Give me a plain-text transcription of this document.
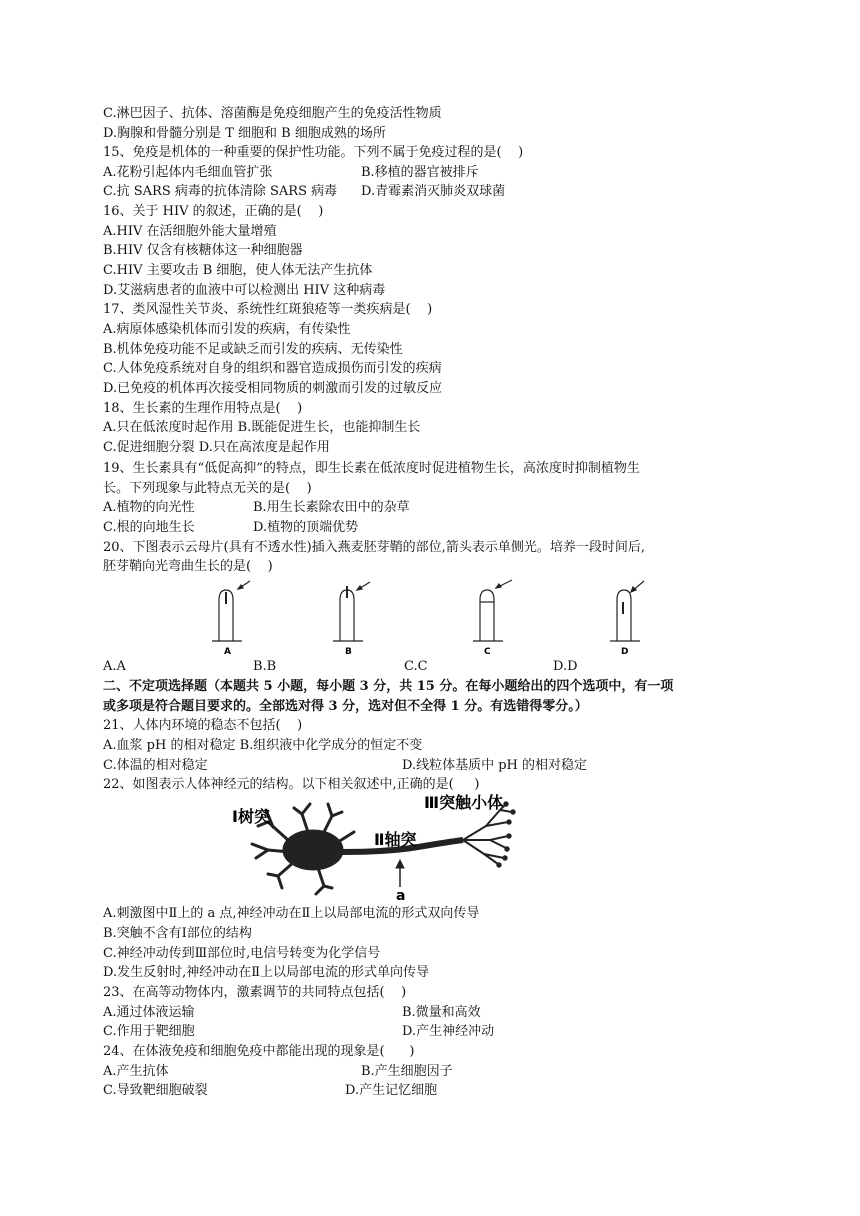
C.淋巴因子、抗体、溶菌酶是免疫细胞产生的免疫活性物质
D.胸腺和骨髓分别是 T 细胞和 B 细胞成熟的场所
15、免疫是机体的一种重要的保护性功能。下列不属于免疫过程的是(    )
A.花粉引起体内毛细血管扩张	B.移植的器官被排斥
C.抗 SARS 病毒的抗体清除 SARS 病毒 D.青霉素消灭肺炎双球菌
16、关于 HIV 的叙述，正确的是(    )
A.HIV 在活细胞外能大量增殖
B.HIV 仅含有核糖体这一种细胞器
C.HIV 主要攻击 B 细胞，使人体无法产生抗体
D.艾滋病患者的血液中可以检测出 HIV 这种病毒
17、类风湿性关节炎、系统性红斑狼疮等一类疾病是(    )
A.病原体感染机体而引发的疾病，有传染性
B.机体免疫功能不足或缺乏而引发的疾病、无传染性
C.人体免疫系统对自身的组织和器官造成损伤而引发的疾病
D.已免疫的机体再次接受相同物质的刺激而引发的过敏反应
18、生长素的生理作用特点是(    )
A.只在低浓度时起作用 B.既能促进生长，也能抑制生长
C.促进细胞分裂 D.只在高浓度是起作用
19、生长素具有“低促高抑”的特点，即生长素在低浓度时促进植物生长，高浓度时抑制植物生
长。下列现象与此特点无关的是(    )
A.植物的向光性	B.用生长素除农田中的杂草
C.根的向地生长	D.植物的顶端优势
20、下图表示云母片(具有不透水性)插入燕麦胚芽鞘的部位,箭头表示单侧光。培养一段时间后,
胚芽鞘向光弯曲生长的是(    )
A	B	C	D
A.A	B.B	C.C	D.D
二、不定项选择题（本题共 5 小题，每小题 3 分，共 15 分。在每小题给出的四个选项中，有一项
或多项是符合题目要求的。全部选对得 3 分，选对但不全得 1 分。有选错得零分。）
21、人体内环境的稳态不包括(    )
A.血浆 pH 的相对稳定 B.组织液中化学成分的恒定不变
C.体温的相对稳定	D.线粒体基质中 pH 的相对稳定
22、如图表示人体神经元的结构。以下相关叙述中,正确的是(     )
Ⅰ树突
Ⅱ轴突
Ⅲ突触小体
a
A.刺激图中Ⅱ上的 a 点,神经冲动在Ⅱ上以局部电流的形式双向传导
B.突触不含有Ⅰ部位的结构
C.神经冲动传到Ⅲ部位时,电信号转变为化学信号
D.发生反射时,神经冲动在Ⅱ上以局部电流的形式单向传导
23、在高等动物体内，激素调节的共同特点包括(    )
A.通过体液运输	B.微量和高效
C.作用于靶细胞	D.产生神经冲动
24、在体液免疫和细胞免疫中都能出现的现象是(      )
A.产生抗体	B.产生细胞因子
C.导致靶细胞破裂	D.产生记忆细胞
